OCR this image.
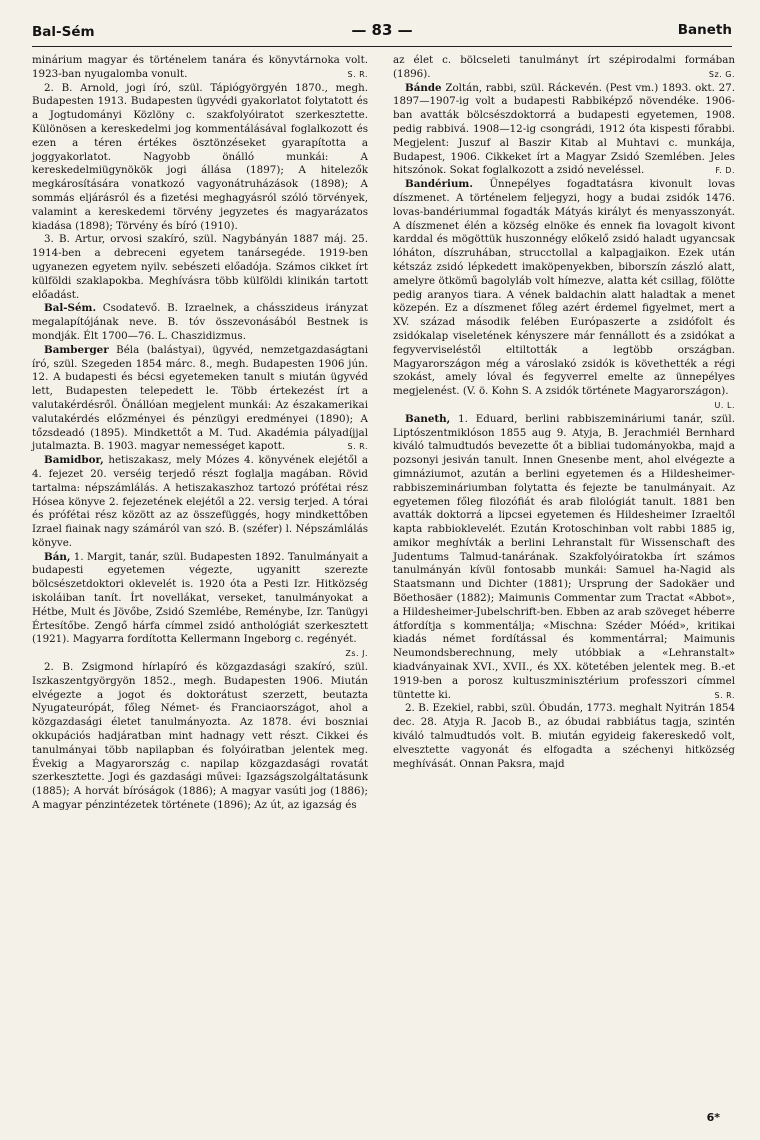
Bal-Sém	— 83 —	Baneth

minárium magyar és történelem tanára és könyvtárnoka volt. 1923-ban nyugalomba vonult.	S. R.

2. B. Arnold, jogi író, szül. Tápiógyörgyén 1870., megh. Budapesten 1913. Budapesten ügyvédi gyakorlatot folytatott és a Jogtudományi Közlöny c. szakfolyóiratot szerkesztette. Különösen a kereskedelmi jog kommentálásával foglalkozott és ezen a téren értékes ösztönzéseket gyarapította a joggyakorlatot. Nagyobb önálló munkái: A kereskedelmiügynökök jogi állása (1897); A hitelezők megkárosítására vonatkozó vagyonátruházások (1898); A sommás eljárásról és a fizetési meghagyásról szóló törvények, valamint a kereskedemi törvény jegyzetes és magyarázatos kiadása (1898); Törvény és bíró (1910).

3. B. Artur, orvosi szakíró, szül. Nagybányán 1887 máj. 25. 1914-ben a debreceni egyetem tanársegéde. 1919-ben ugyanezen egyetem nyilv. sebészeti előadója. Számos cikket írt külföldi szaklapokba. Meghívásra több külföldi klinikán tartott előadást.

Bal-Sém. Csodatevő. B. Izraelnek, a chásszideus irányzat megalapítójának neve. B. tóv összevonásából Bestnek is mondják. Élt 1700—76. L. Chaszidizmus.

Bamberger Béla (balástyai), ügyvéd, nemzetgazdaságtani író, szül. Szegeden 1854 márc. 8., megh. Budapesten 1906 jún. 12. A budapesti és bécsi egyetemeken tanult s miután ügyvéd lett, Budapesten telepedett le. Több értekezést írt a valutakérdésről. Önállóan megjelent munkái: Az északamerikai valutakérdés előzményei és pénzügyi eredményei (1890); A tőzsdeadó (1895). Mindkettőt a M. Tud. Akadémia pályadíjjal jutalmazta. B. 1903. magyar nemességet kapott.	S. R.

Bamidbor, hetiszakasz, mely Mózes 4. könyvének elejétől a 4. fejezet 20. verséig terjedő részt foglalja magában. Rövid tartalma: népszámlálás. A hetiszakaszhoz tartozó prófétai rész Hósea könyve 2. fejezetének elejétől a 22. versig terjed. A tórai és prófétai rész között az az összefüggés, hogy mindkettőben Izrael fiainak nagy számáról van szó. B. (széfer) l. Népszámlálás könyve.

Bán, 1. Margit, tanár, szül. Budapesten 1892. Tanulmányait a budapesti egyetemen végezte, ugyanitt szerezte bölcsészetdoktori oklevelét is. 1920 óta a Pesti Izr. Hitközség iskoláiban tanít. Írt novellákat, verseket, tanulmányokat a Hétbe, Mult és Jövőbe, Zsidó Szemlébe, Reménybe, Izr. Tanügyi Értesítőbe. Zengő hárfa címmel zsidó anthológiát szerkesztett (1921). Magyarra fordította Kellermann Ingeborg c. regényét.
Zs. J.

2. B. Zsigmond hírlapíró és közgazdasági szakíró, szül. Iszkaszentgyörgyön 1852., megh. Budapesten 1906. Miután elvégezte a jogot és doktorátust szerzett, beutazta Nyugateurópát, főleg Német- és Franciaországot, ahol a közgazdasági életet tanulmányozta. Az 1878. évi boszniai okkupációs hadjáratban mint hadnagy vett részt. Cikkei és tanulmányai több napilapban és folyóiratban jelentek meg. Évekig a Magyarország c. napilap közgazdasági rovatát szerkesztette. Jogi és gazdasági művei: Igazságszolgáltatásunk (1885); A horvát bíróságok (1886); A magyar vasúti jog (1886); A magyar pénzintézetek története (1896); Az út, az igazság és

az élet c. bölcseleti tanulmányt írt szépirodalmi formában (1896).	Sz. G.

Bánde Zoltán, rabbi, szül. Ráckevén. (Pest vm.) 1893. okt. 27. 1897—1907-ig volt a budapesti Rabbiképző növendéke. 1906-ban avatták bölcsészdoktorrá a budapesti egyetemen, 1908. pedig rabbivá. 1908—12-ig csongrádi, 1912 óta kispesti főrabbi. Megjelent: Juszuf al Baszir Kitab al Muhtavi c. munkája, Budapest, 1906. Cikkeket írt a Magyar Zsidó Szemlében. Jeles hitszónok. Sokat foglalkozott a zsidó neveléssel.	F. D.

Bandérium. Ünnepélyes fogadtatásra kivonult lovas díszmenet. A történelem feljegyzi, hogy a budai zsidók 1476. lovas-bandériummal fogadták Mátyás királyt és menyasszonyát. A díszmenet élén a község elnöke és ennek fia lovagolt kivont karddal és mögöttük huszonnégy előkelő zsidó haladt ugyancsak lóháton, díszruhában, strucctollal a kalpagjaikon. Ezek után kétszáz zsidó lépkedett imaköpenyekben, biborszín zászló alatt, amelyre ötkömű bagolyláb volt hímezve, alatta két csillag, fölötte pedig aranyos tiara. A vének baldachin alatt haladtak a menet közepén. Ez a díszmenet főleg azért érdemel figyelmet, mert a XV. század második felében Európaszerte a zsidófolt és zsidókalap viseletének kényszere már fennállott és a zsidókat a fegyverviseléstől eltiltották a legtöbb országban. Magyarországon még a városlakó zsidók is követhették a régi szokást, amely lóval és fegyverrel emelte az ünnepélyes megjelenést. (V. ö. Kohn S. A zsidók története Magyarországon).
U. L.

Baneth, 1. Eduard, berlini rabbiszemináriumi tanár, szül. Liptószentmiklóson 1855 aug 9. Atyja, B. Jerachmiél Bernhard kiváló talmudtudós bevezette őt a bibliai tudományokba, majd a pozsonyi jesiván tanult. Innen Gnesenbe ment, ahol elvégezte a gimnáziumot, azután a berlini egyetemen és a Hildesheimer-rabbiszemináriumban folytatta és fejezte be tanulmányait. Az egyetemen főleg filozófiát és arab filológiát tanult. 1881 ben avatták doktorrá a lipcsei egyetemen és Hildesheimer Izraeltől kapta rabbioklevelét. Ezután Krotoschinban volt rabbi 1885 ig, amikor meghívták a berlini Lehranstalt für Wissenschaft des Judentums Talmud-tanárának. Szakfolyóiratokba írt számos tanulmányán kívül fontosabb munkái: Samuel ha-Nagid als Staatsmann und Dichter (1881); Ursprung der Sadokäer und Böethosäer (1882); Maimunis Commentar zum Tractat «Abbot», a Hildesheimer-Jubelschrift-ben. Ebben az arab szöveget héberre átfordítja s kommentálja; «Mischna: Széder Móéd», kritikai kiadás német fordítással és kommentárral; Maimunis Neumondsberechnung, mely utóbbiak a «Lehranstalt» kiadványainak XVI., XVII., és XX. kötetében jelentek meg. B.-et 1919-ben a porosz kultuszminisztérium professzori címmel tüntette ki.	S. R.

2. B. Ezekiel, rabbi, szül. Óbudán, 1773. meghalt Nyitrán 1854 dec. 28. Atyja R. Jacob B., az óbudai rabbiátus tagja, szintén kiváló talmudtudós volt. B. miután egyideig fakereskedő volt, elvesztette vagyonát és elfogadta a széchenyi hitközség meghívását. Onnan Paksra, majd

6*
